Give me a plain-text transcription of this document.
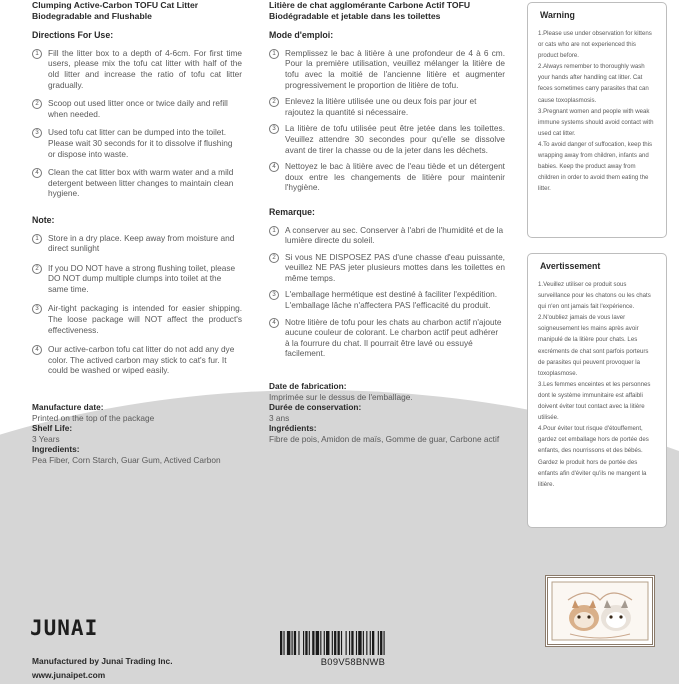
Clumping Active-Carbon TOFU Cat Litter
Biodegradable and Flushable
Directions For Use:
1	Fill the litter box to a depth of 4-6cm. For first time users, please mix the tofu cat litter with half of the old litter and increase the ratio of tofu cat litter gradually.
2	Scoop out used litter once or twice daily and refill when needed.
3	Used tofu cat litter can be dumped into the toilet. Please wait 30 seconds for it to dissolve if flushing or dispose into waste.
4	Clean the cat litter box with warm water and a mild detergent between litter changes to maintain clean hygiene.
Note:
1	Store in a dry place. Keep away from moisture and direct sunlight
2	If you DO NOT have a strong flushing toilet, please DO NOT dump multiple clumps into toilet at the same time.
3	Air-tight packaging is intended for easier shipping. The loose package will NOT affect the product's effectiveness.
4	Our active-carbon tofu cat litter do not add any dye color. The actived carbon may stick to cat's fur. It could be washed or wiped easily.
Manufacture date:
Printed on the top of the package
Shelf Life:
3 Years
Ingredients:
Pea Fiber, Corn Starch, Guar Gum, Actived Carbon
Litière de chat agglomérante Carbone Actif TOFU
Biodégradable et jetable dans les toilettes
Mode d'emploi:
1	Remplissez le bac à litière à une profondeur de 4 à 6 cm. Pour la première utilisation, veuillez mélanger la litière de tofu avec la moitié de l'ancienne litière et augmenter progressivement le proportion de litière de tofu.
2	Enlevez la litière utilisée une ou deux fois par jour et rajoutez la quantité si nécessaire.
3	La litière de tofu utilisée peut être jetée dans les toilettes. Veuillez attendre 30 secondes pour qu'elle se dissolve avant de tirer la chasse ou de la jeter dans les déchets.
4	Nettoyez le bac à litière avec de l'eau tiède et un détergent doux entre les changements de litière pour maintenir l'hygiène.
Remarque:
1	A conserver au sec. Conserver à l'abri de l'humidité et de la lumière directe du soleil.
2	Si vous NE DISPOSEZ PAS d'une chasse d'eau puissante, veuillez NE PAS jeter plusieurs mottes dans les toilettes en même temps.
3	L'emballage hermétique est destiné à faciliter l'expédition. L'emballage lâche n'affectera PAS l'efficacité du produit.
4	Notre litière de tofu pour les chats au charbon actif n'ajoute aucune couleur de colorant. Le charbon actif peut adhérer à la fourrure du chat. Il pourrait être lavé ou essuyé facilement.
Date de fabrication:
Imprimée sur le dessus de l'emballage.
Durée de conservation:
3 ans
Ingrédients:
Fibre de pois, Amidon de maïs, Gomme de guar, Carbone actif
Warning
1.Please use under observation for kittens or cats who are not experienced this product before.
2.Always remember to thoroughly wash your hands after handling cat litter. Cat feces sometimes carry parasites that can cause toxoplasmosis.
3.Pregnant women and people with weak immune systems should avoid contact with used cat litter.
4.To avoid danger of suffocation, keep this wrapping away from children, infants and babies. Keep the product away from children in order to avoid them eating the litter.
Avertissement
1.Veuillez utiliser ce produit sous surveillance pour les chatons ou les chats qui n'en ont jamais fait l'expérience.
2.N'oubliez jamais de vous laver soigneusement les mains après avoir manipulé de la litière pour chats. Les excréments de chat sont parfois porteurs de parasites qui peuvent provoquer la toxoplasmose.
3.Les femmes enceintes et les personnes dont le système immunitaire est affaibli doivent éviter tout contact avec la litière utilisée.
4.Pour éviter tout risque d'étouffement, gardez cet emballage hors de portée des enfants, des nourrissons et des bébés. Gardez le produit hors de portée des enfants afin d'éviter qu'ils ne mangent la litière.
JUNAI
Manufactured by Junai Trading Inc.
www.junaipet.com
B09V58BNWB
